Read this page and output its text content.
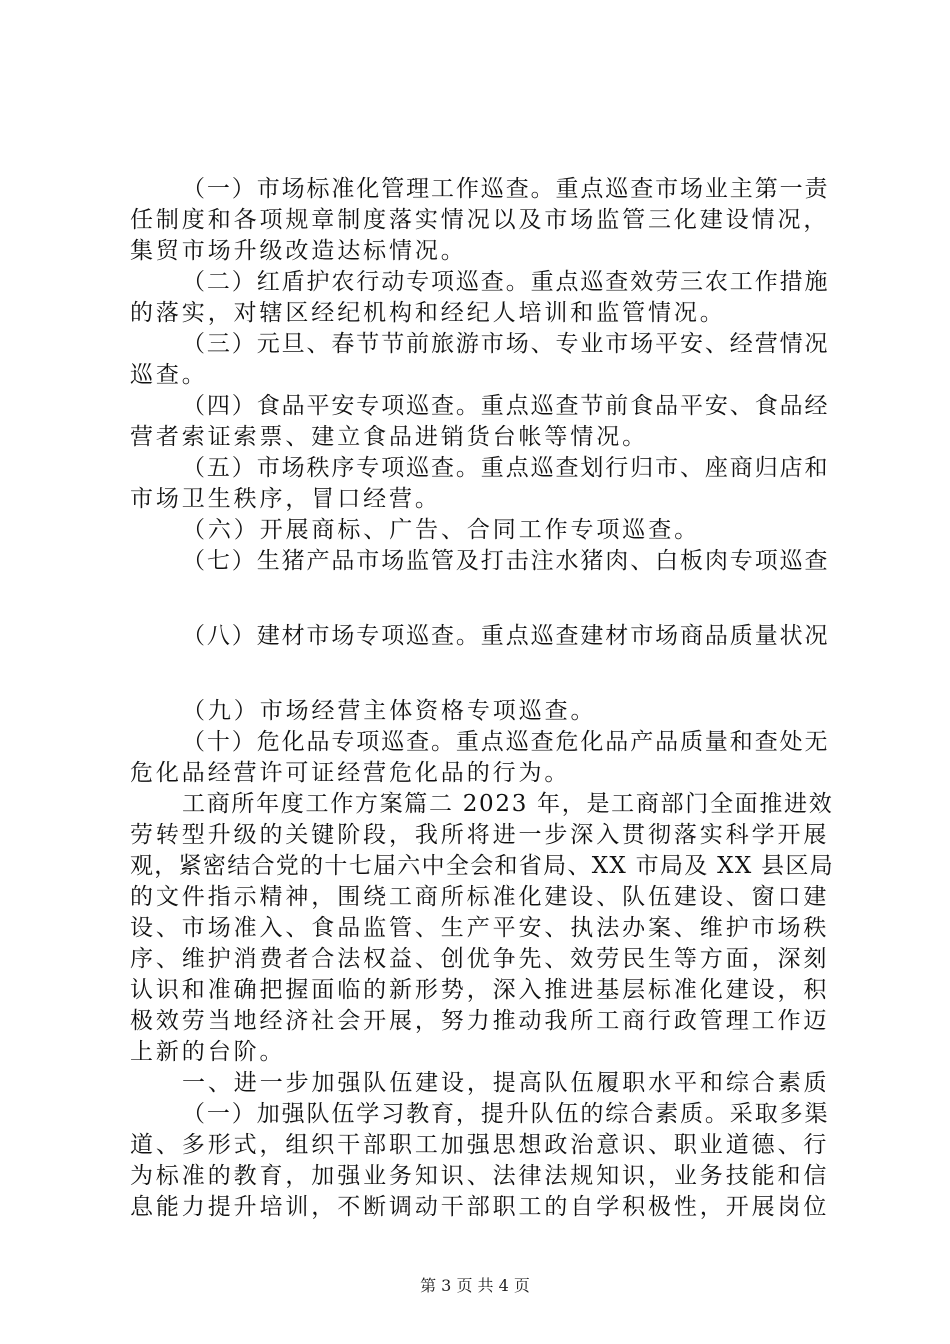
（一）市场标准化管理工作巡查。重点巡查市场业主第一责
任制度和各项规章制度落实情况以及市场监管三化建设情况，
集贸市场升级改造达标情况。
（二）红盾护农行动专项巡查。重点巡查效劳三农工作措施
的落实，对辖区经纪机构和经纪人培训和监管情况。
（三）元旦、春节节前旅游市场、专业市场平安、经营情况
巡查。
（四）食品平安专项巡查。重点巡查节前食品平安、食品经
营者索证索票、建立食品进销货台帐等情况。
（五）市场秩序专项巡查。重点巡查划行归市、座商归店和
市场卫生秩序，冒口经营。
（六）开展商标、广告、合同工作专项巡查。
（七）生猪产品市场监管及打击注水猪肉、白板肉专项巡查
（八）建材市场专项巡查。重点巡查建材市场商品质量状况
（九）市场经营主体资格专项巡查。
（十）危化品专项巡查。重点巡查危化品产品质量和查处无
危化品经营许可证经营危化品的行为。
工商所年度工作方案篇二 2023 年，是工商部门全面推进效
劳转型升级的关键阶段，我所将进一步深入贯彻落实科学开展
观，紧密结合党的十七届六中全会和省局、XX 市局及 XX 县区局
的文件指示精神，围绕工商所标准化建设、队伍建设、窗口建
设、市场准入、食品监管、生产平安、执法办案、维护市场秩
序、维护消费者合法权益、创优争先、效劳民生等方面，深刻
认识和准确把握面临的新形势，深入推进基层标准化建设，积
极效劳当地经济社会开展，努力推动我所工商行政管理工作迈
上新的台阶。
一、进一步加强队伍建设，提高队伍履职水平和综合素质
（一）加强队伍学习教育，提升队伍的综合素质。采取多渠
道、多形式，组织干部职工加强思想政治意识、职业道德、行
为标准的教育，加强业务知识、法律法规知识，业务技能和信
息能力提升培训，不断调动干部职工的自学积极性，开展岗位
第 3 页 共 4 页
